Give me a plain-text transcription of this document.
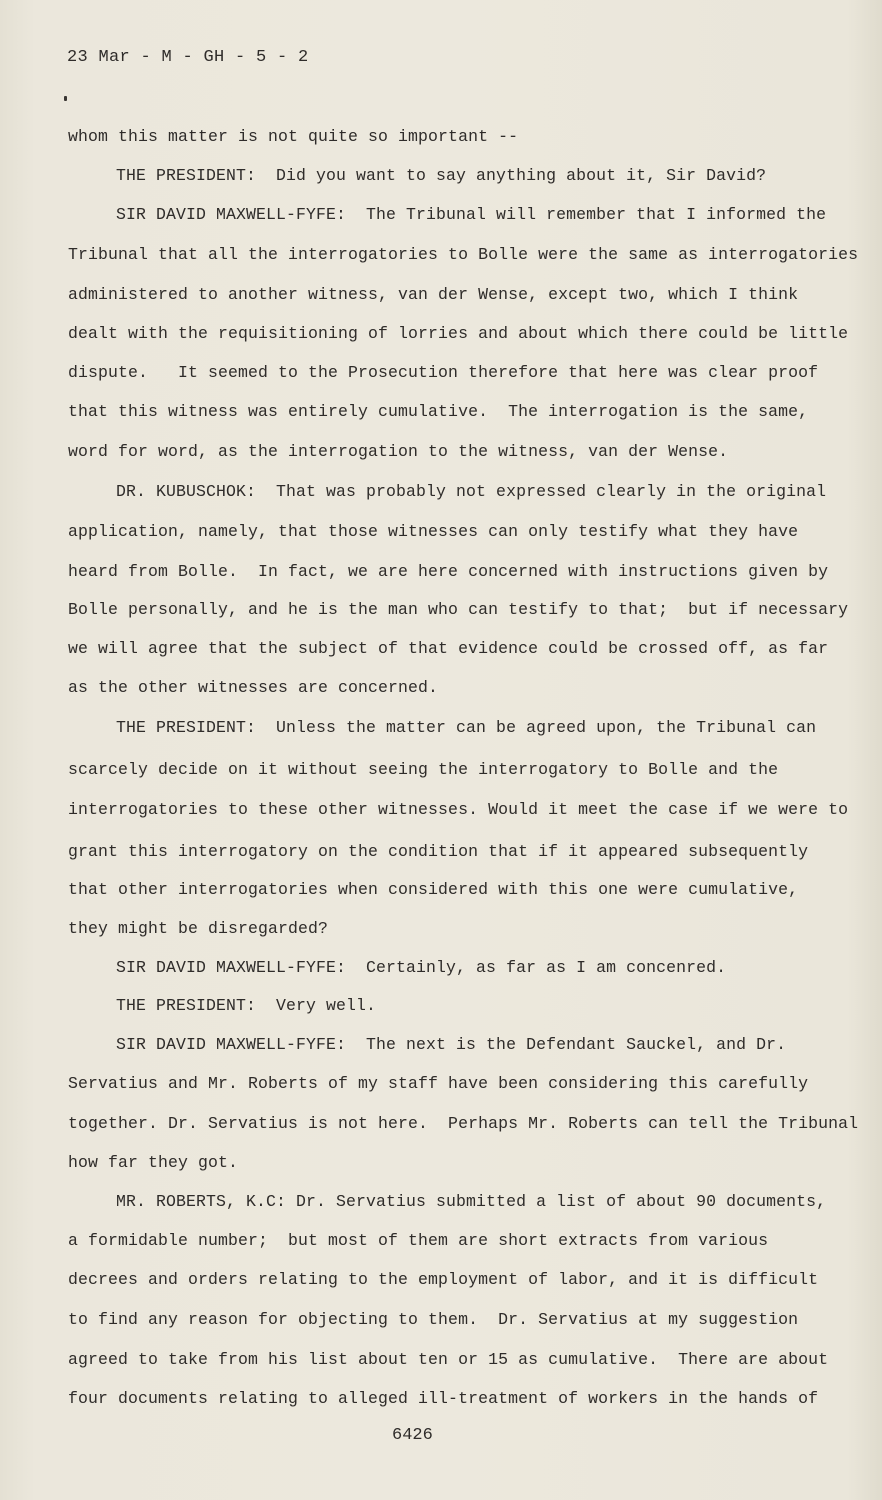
23 Mar - M - GH - 5 - 2
whom this matter is not quite so important --
THE PRESIDENT:  Did you want to say anything about it, Sir David?
SIR DAVID MAXWELL-FYFE:  The Tribunal will remember that I informed the
Tribunal that all the interrogatories to Bolle were the same as interrogatories
administered to another witness, van der Wense, except two, which I think
dealt with the requisitioning of lorries and about which there could be little
dispute.   It seemed to the Prosecution therefore that here was clear proof
that this witness was entirely cumulative.  The interrogation is the same,
word for word, as the interrogation to the witness, van der Wense.
DR. KUBUSCHOK:  That was probably not expressed clearly in the original
application, namely, that those witnesses can only testify what they have
heard from Bolle.  In fact, we are here concerned with instructions given by
Bolle personally, and he is the man who can testify to that;  but if necessary
we will agree that the subject of that evidence could be crossed off, as far
as the other witnesses are concerned.
THE PRESIDENT:  Unless the matter can be agreed upon, the Tribunal can
scarcely decide on it without seeing the interrogatory to Bolle and the
interrogatories to these other witnesses. Would it meet the case if we were to
grant this interrogatory on the condition that if it appeared subsequently
that other interrogatories when considered with this one were cumulative,
they might be disregarded?
SIR DAVID MAXWELL-FYFE:  Certainly, as far as I am concenred.
THE PRESIDENT:  Very well.
SIR DAVID MAXWELL-FYFE:  The next is the Defendant Sauckel, and Dr.
Servatius and Mr. Roberts of my staff have been considering this carefully
together. Dr. Servatius is not here.  Perhaps Mr. Roberts can tell the Tribunal
how far they got.
MR. ROBERTS, K.C: Dr. Servatius submitted a list of about 90 documents,
a formidable number;  but most of them are short extracts from various
decrees and orders relating to the employment of labor, and it is difficult
to find any reason for objecting to them.  Dr. Servatius at my suggestion
agreed to take from his list about ten or 15 as cumulative.  There are about
four documents relating to alleged ill-treatment of workers in the hands of
6426
